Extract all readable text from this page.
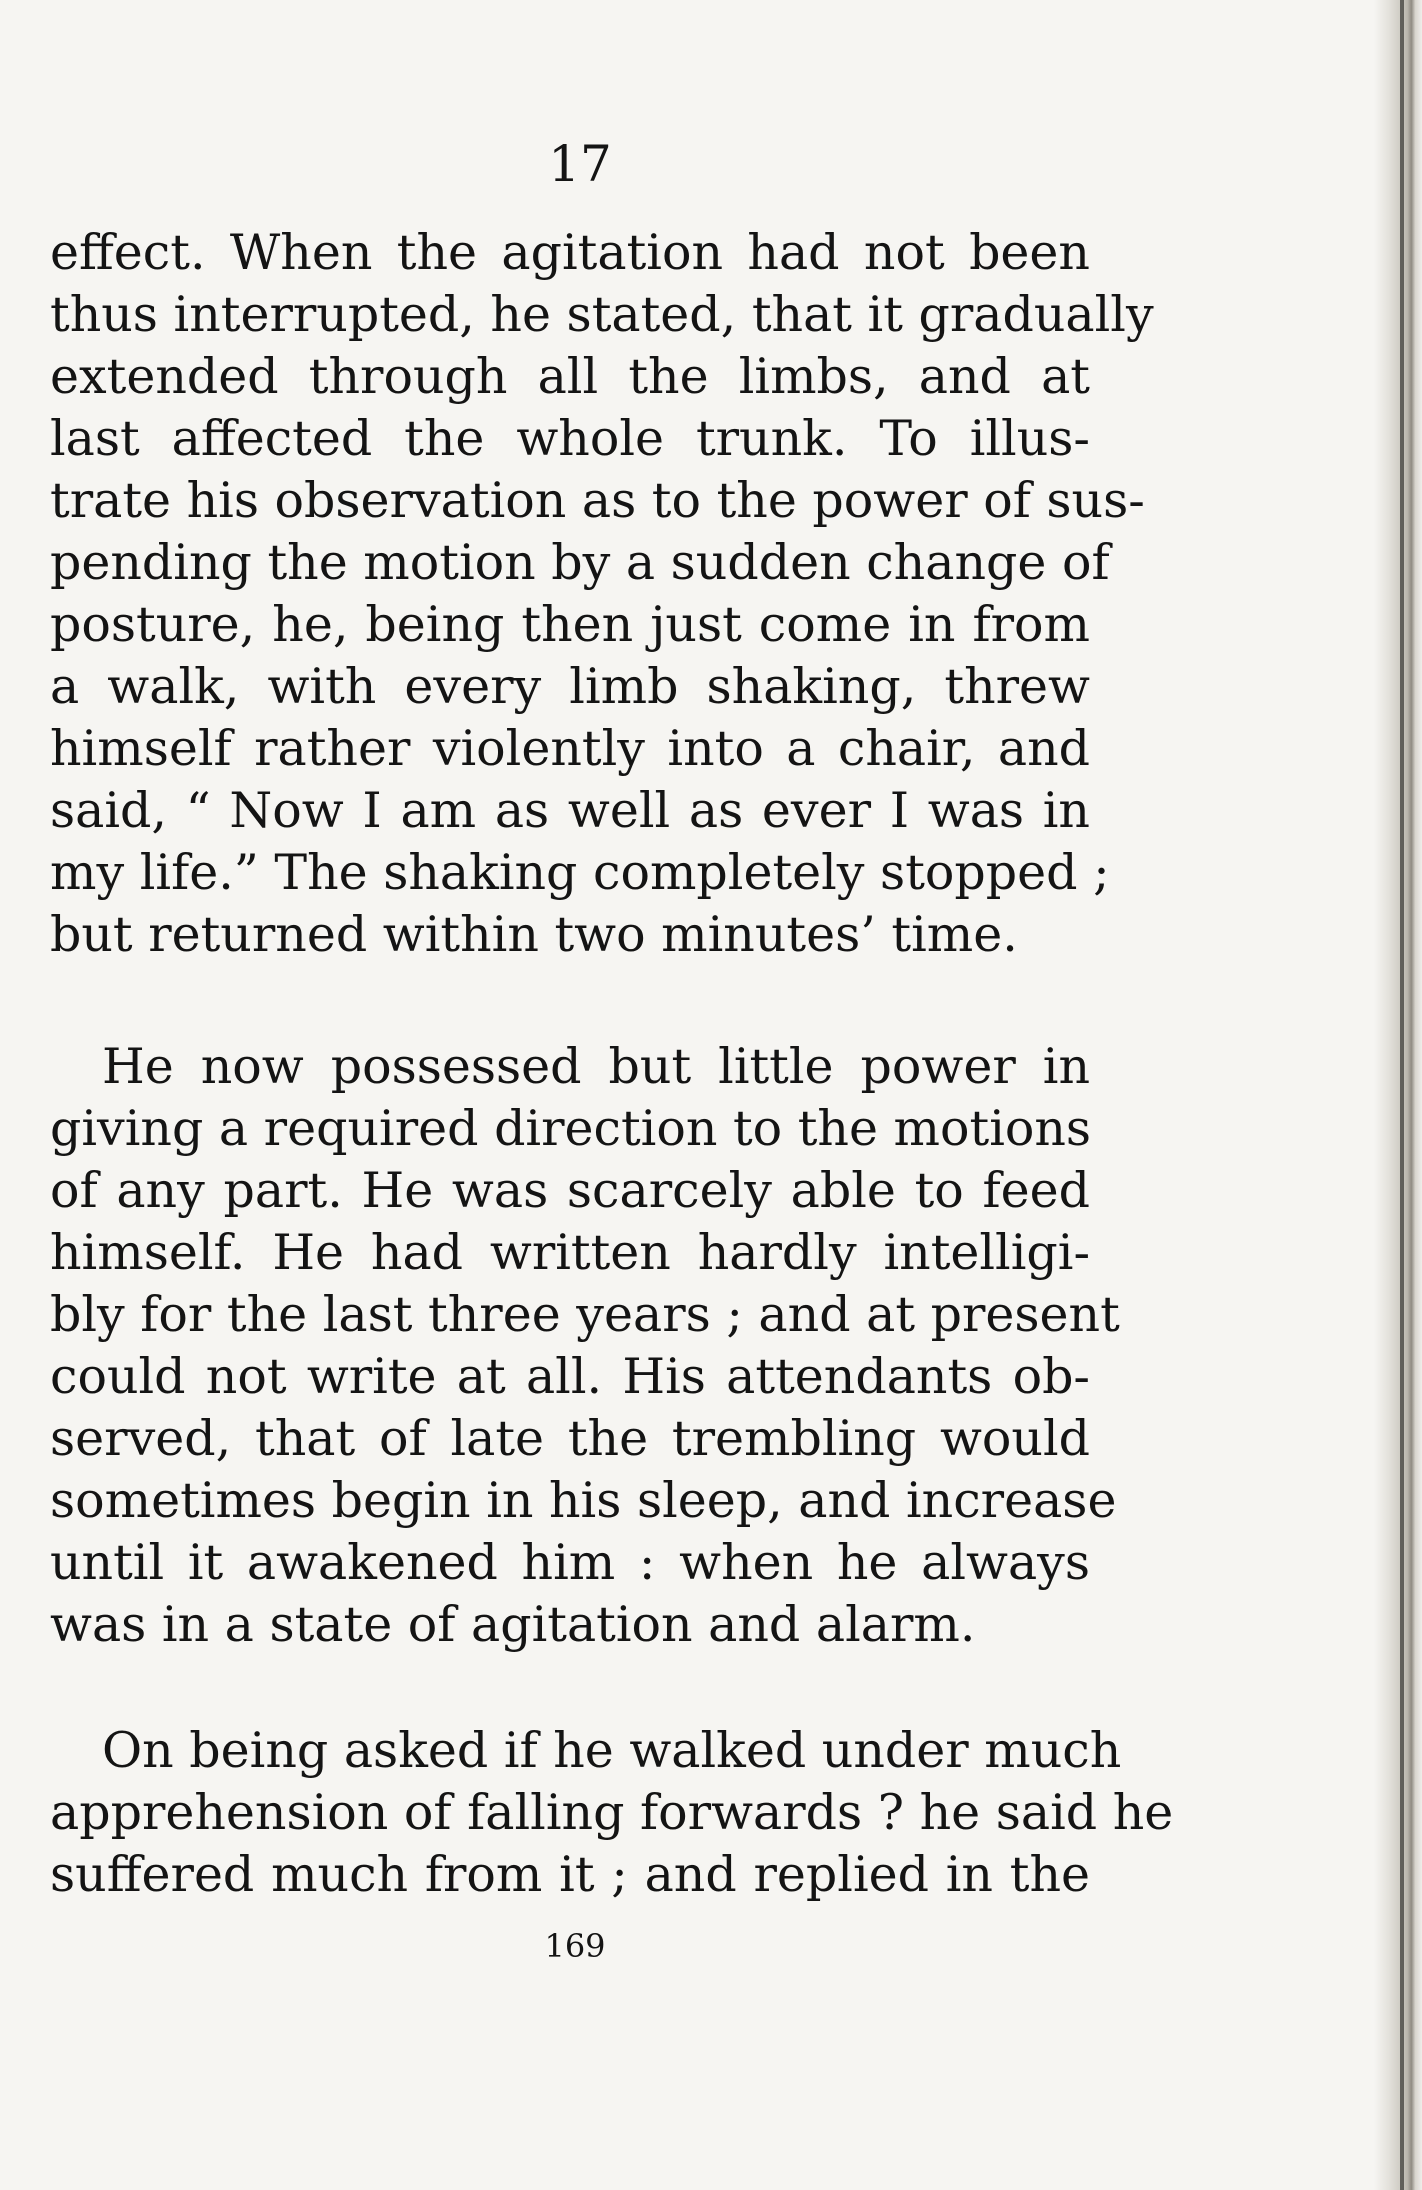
17

effect. When the agitation had not been
thus interrupted, he stated, that it gradually
extended through all the limbs, and at
last affected the whole trunk. To illus-
trate his observation as to the power of sus-
pending the motion by a sudden change of
posture, he, being then just come in from
a walk, with every limb shaking, threw
himself rather violently into a chair, and
said, “ Now I am as well as ever I was in
my life.” The shaking completely stopped ;
but returned within two minutes’ time.

He now possessed but little power in
giving a required direction to the motions
of any part. He was scarcely able to feed
himself. He had written hardly intelligi-
bly for the last three years ; and at present
could not write at all. His attendants ob-
served, that of late the trembling would
sometimes begin in his sleep, and increase
until it awakened him : when he always
was in a state of agitation and alarm.

On being asked if he walked under much
apprehension of falling forwards ? he said he
suffered much from it ; and replied in the

169
